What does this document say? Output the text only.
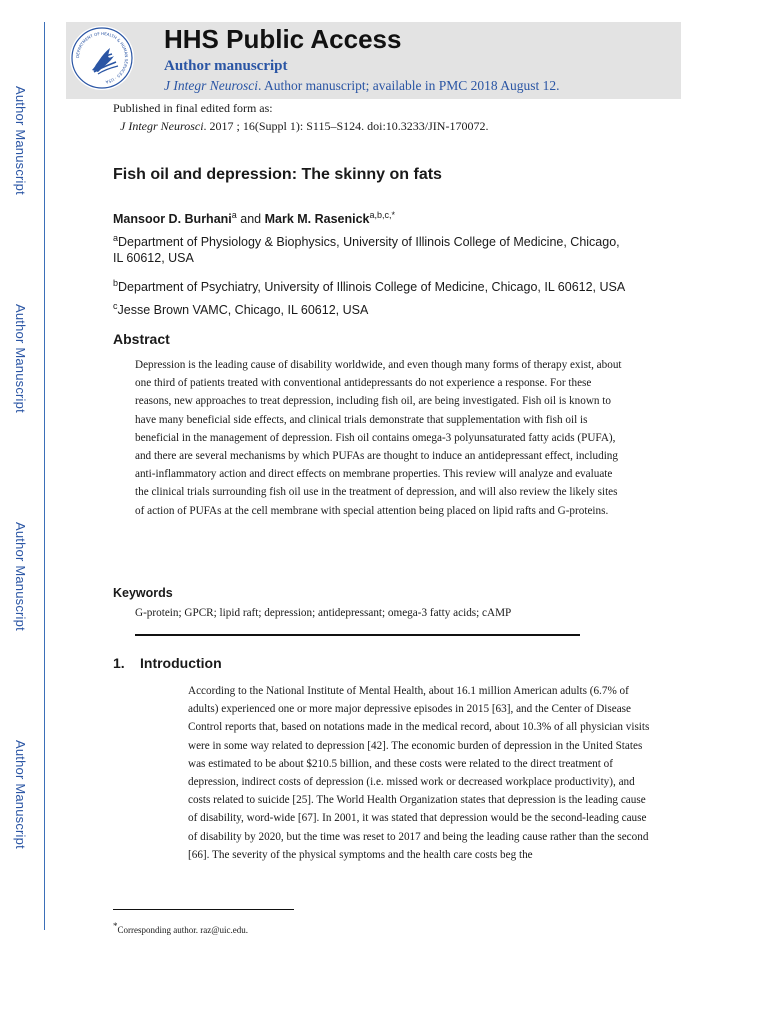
Author Manuscript
Author Manuscript
Author Manuscript
Author Manuscript
DEPARTMENT OF HEALTH & HUMAN SERVICES · USA
HHS Public Access
Author manuscript
J Integr Neurosci. Author manuscript; available in PMC 2018 August 12.
Published in final edited form as:
J Integr Neurosci. 2017 ; 16(Suppl 1): S115–S124. doi:10.3233/JIN-170072.
Fish oil and depression: The skinny on fats
Mansoor D. Burhani$^a$ and Mark M. Rasenick$^{a,b,c,*}$
$^a$Department of Physiology & Biophysics, University of Illinois College of Medicine, Chicago, IL 60612, USA
$^b$Department of Psychiatry, University of Illinois College of Medicine, Chicago, IL 60612, USA
$^c$Jesse Brown VAMC, Chicago, IL 60612, USA
Abstract
Depression is the leading cause of disability worldwide, and even though many forms of therapy exist, about one third of patients treated with conventional antidepressants do not experience a response. For these reasons, new approaches to treat depression, including fish oil, are being investigated. Fish oil is known to have many beneficial side effects, and clinical trials demonstrate that supplementation with fish oil is beneficial in the management of depression. Fish oil contains omega-3 polyunsaturated fatty acids (PUFA), and there are several mechanisms by which PUFAs are thought to induce an antidepressant effect, including anti-inflammatory action and direct effects on membrane properties. This review will analyze and evaluate the clinical trials surrounding fish oil use in the treatment of depression, and will also review the likely sites of action of PUFAs at the cell membrane with special attention being placed on lipid rafts and G-proteins.
Keywords
G-protein; GPCR; lipid raft; depression; antidepressant; omega-3 fatty acids; cAMP
1. Introduction
According to the National Institute of Mental Health, about 16.1 million American adults (6.7% of adults) experienced one or more major depressive episodes in 2015 [63], and the Center of Disease Control reports that, based on notations made in the medical record, about 10.3% of all physician visits were in some way related to depression [42]. The economic burden of depression in the United States was estimated to be about $210.5 billion, and these costs were related to the direct treatment of depression, indirect costs of depression (i.e. missed work or decreased workplace productivity), and costs related to suicide [25]. The World Health Organization states that depression is the leading cause of disability, word-wide [67]. In 2001, it was stated that depression would be the second-leading cause of disability by 2020, but the time was reset to 2017 and being the leading cause rather than the second [66]. The severity of the physical symptoms and the health care costs beg the
*Corresponding author. raz@uic.edu.
